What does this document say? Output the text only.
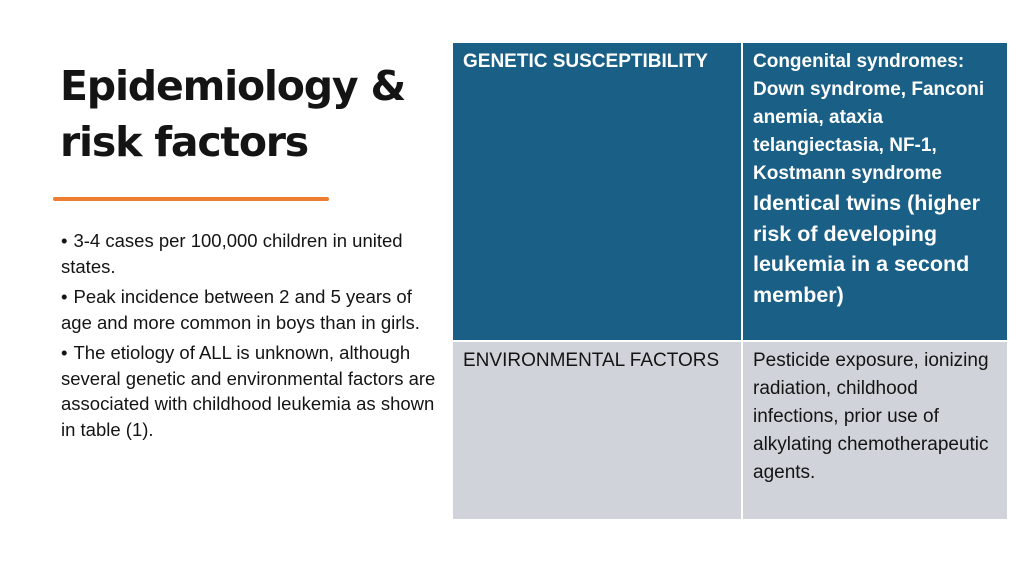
Epidemiology &
risk factors
• 3-4 cases per 100,000 children in united states.
• Peak incidence between 2 and 5 years of age and more common in boys than in girls.
• The etiology of ALL is unknown, although several genetic and environmental factors are associated with childhood leukemia as shown in table (1).
GENETIC SUSCEPTIBILITY	Congenital syndromes: Down syndrome, Fanconi anemia, ataxia telangiectasia, NF-1, Kostmann syndrome
Identical twins (higher risk of developing leukemia in a second member)

ENVIRONMENTAL FACTORS	Pesticide exposure, ionizing radiation, childhood infections, prior use of alkylating chemotherapeutic agents.
